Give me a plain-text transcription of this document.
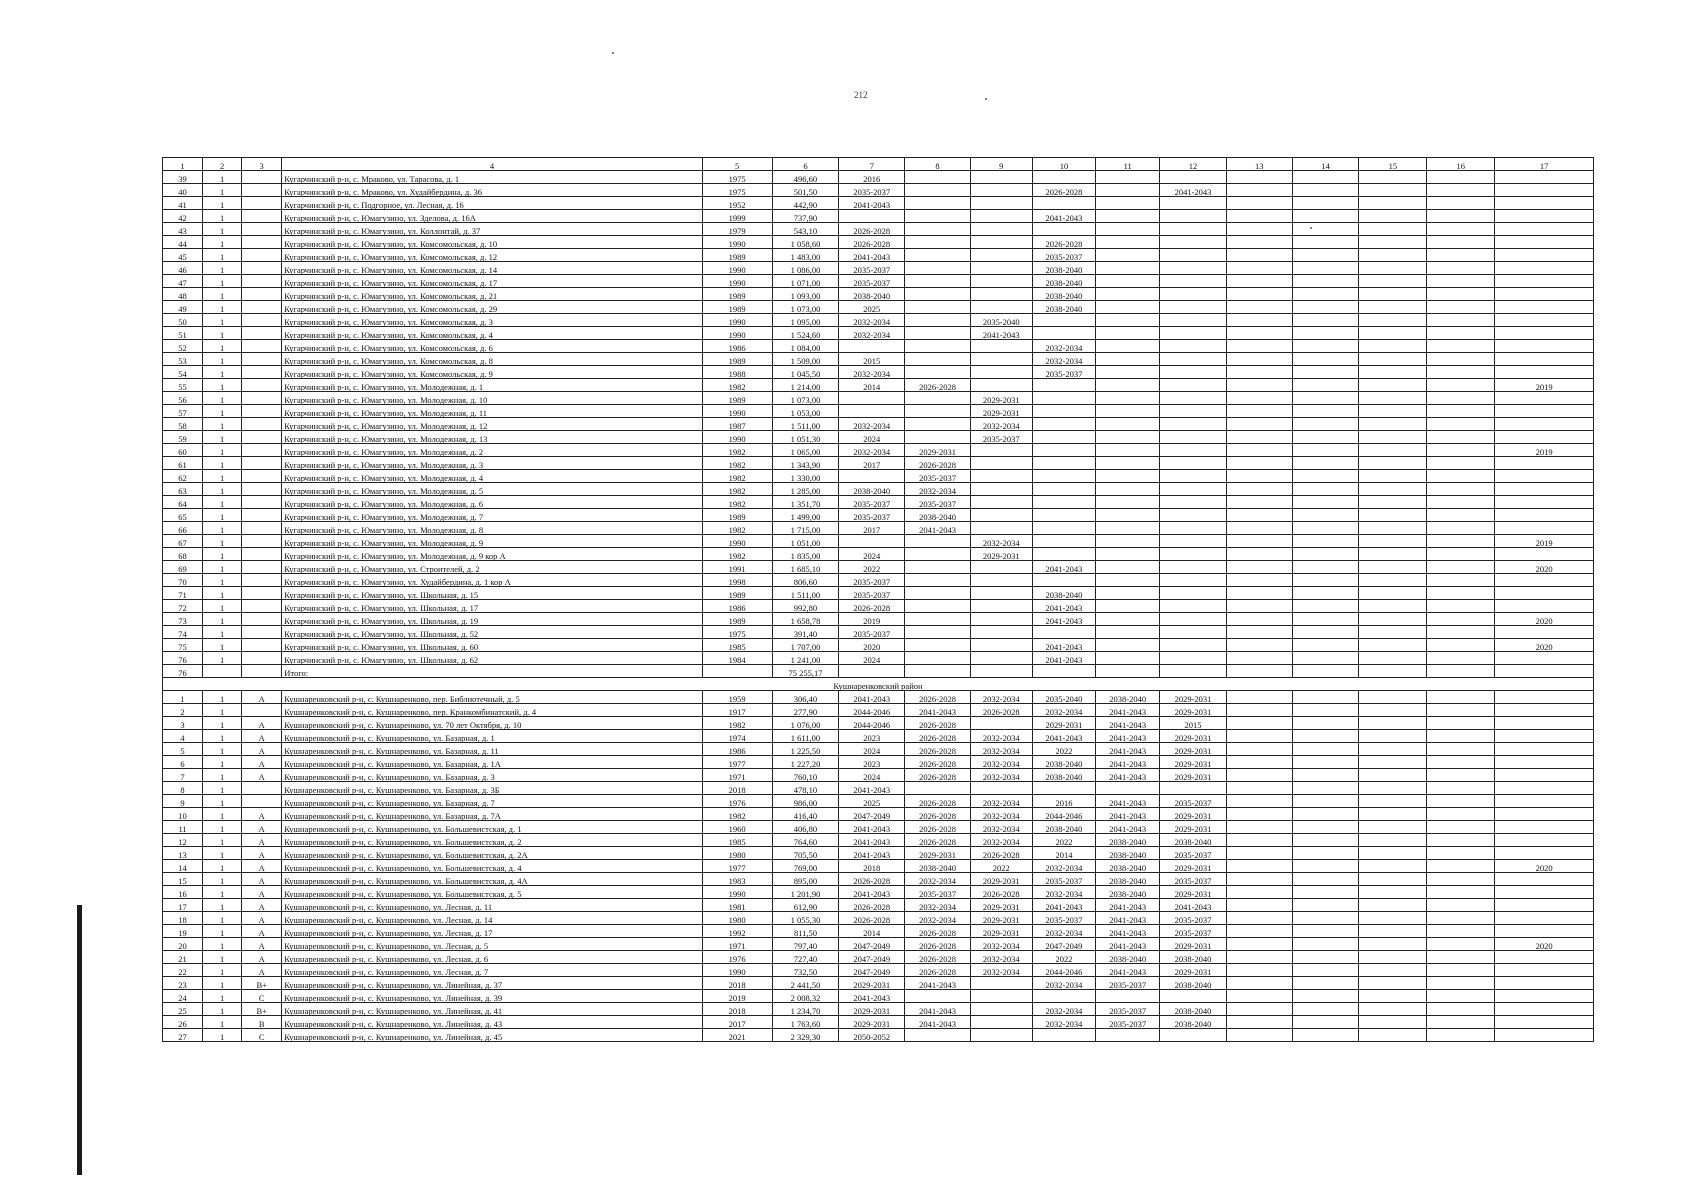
212
1	2	3	4	5	6	7	8	9	10	11	12	13	14	15	16	17
39	1		Кугарчинский р-н, с. Мраково, ул. Тарасова, д. 1	1975	496,60	2016										
40	1		Кугарчинский р-н, с. Мраково, ул. Худайбердина, д. 36	1975	501,50	2035-2037			2026-2028		2041-2043					
41	1		Кугарчинский р-н, с. Подгорное, ул. Лесная, д. 16	1952	442,90	2041-2043										
42	1		Кугарчинский р-н, с. Юмагузино, ул. Зделова, д. 16А	1999	737,90				2041-2043							
43	1		Кугарчинский р-н, с. Юмагузино, ул. Коллонтай, д. 37	1979	543,10	2026-2028										
44	1		Кугарчинский р-н, с. Юмагузино, ул. Комсомольская, д. 10	1990	1 058,60	2026-2028			2026-2028							
45	1		Кугарчинский р-н, с. Юмагузино, ул. Комсомольская, д. 12	1989	1 483,00	2041-2043			2035-2037							
46	1		Кугарчинский р-н, с. Юмагузино, ул. Комсомольская, д. 14	1990	1 086,00	2035-2037			2038-2040							
47	1		Кугарчинский р-н, с. Юмагузино, ул. Комсомольская, д. 17	1990	1 071,00	2035-2037			2038-2040							
48	1		Кугарчинский р-н, с. Юмагузино, ул. Комсомольская, д. 21	1989	1 093,00	2038-2040			2038-2040							
49	1		Кугарчинский р-н, с. Юмагузино, ул. Комсомольская, д. 29	1989	1 073,00	2025			2038-2040							
50	1		Кугарчинский р-н, с. Юмагузино, ул. Комсомольская, д. 3	1990	1 095,00	2032-2034		2035-2040								
51	1		Кугарчинский р-н, с. Юмагузино, ул. Комсомольская, д. 4	1990	1 524,60	2032-2034		2041-2043								
52	1		Кугарчинский р-н, с. Юмагузино, ул. Комсомольская, д. 6	1986	1 084,00				2032-2034							
53	1		Кугарчинский р-н, с. Юмагузино, ул. Комсомольская, д. 8	1989	1 509,00	2015			2032-2034							
54	1		Кугарчинский р-н, с. Юмагузино, ул. Комсомольская, д. 9	1988	1 045,50	2032-2034			2035-2037							
55	1		Кугарчинский р-н, с. Юмагузино, ул. Молодежная, д. 1	1982	1 214,00	2014	2026-2028									2019
56	1		Кугарчинский р-н, с. Юмагузино, ул. Молодежная, д. 10	1989	1 073,00			2029-2031								
57	1		Кугарчинский р-н, с. Юмагузино, ул. Молодежная, д. 11	1990	1 053,00			2029-2031								
58	1		Кугарчинский р-н, с. Юмагузино, ул. Молодежная, д. 12	1987	1 511,00	2032-2034		2032-2034								
59	1		Кугарчинский р-н, с. Юмагузино, ул. Молодежная, д. 13	1990	1 051,30	2024		2035-2037								
60	1		Кугарчинский р-н, с. Юмагузино, ул. Молодежная, д. 2	1982	1 065,00	2032-2034	2029-2031									2019
61	1		Кугарчинский р-н, с. Юмагузино, ул. Молодежная, д. 3	1982	1 343,90	2017	2026-2028									
62	1		Кугарчинский р-н, с. Юмагузино, ул. Молодежная, д. 4	1982	1 330,00		2035-2037									
63	1		Кугарчинский р-н, с. Юмагузино, ул. Молодежная, д. 5	1982	1 285,00	2038-2040	2032-2034									
64	1		Кугарчинский р-н, с. Юмагузино, ул. Молодежная, д. 6	1982	1 351,70	2035-2037	2035-2037									
65	1		Кугарчинский р-н, с. Юмагузино, ул. Молодежная, д. 7	1989	1 499,00	2035-2037	2038-2040									
66	1		Кугарчинский р-н, с. Юмагузино, ул. Молодежная, д. 8	1982	1 715,00	2017	2041-2043									
67	1		Кугарчинский р-н, с. Юмагузино, ул. Молодежная, д. 9	1990	1 051,00			2032-2034								2019
68	1		Кугарчинский р-н, с. Юмагузино, ул. Молодежная, д. 9 кор А	1982	1 835,00	2024		2029-2031								
69	1		Кугарчинский р-н, с. Юмагузино, ул. Строителей, д. 2	1991	1 685,10	2022			2041-2043							2020
70	1		Кугарчинский р-н, с. Юмагузино, ул. Худайбердина, д. 1 кор А	1998	806,60	2035-2037										
71	1		Кугарчинский р-н, с. Юмагузино, ул. Школьная, д. 15	1989	1 511,00	2035-2037			2038-2040							
72	1		Кугарчинский р-н, с. Юмагузино, ул. Школьная, д. 17	1986	992,80	2026-2028			2041-2043							
73	1		Кугарчинский р-н, с. Юмагузино, ул. Школьная, д. 19	1989	1 658,78	2019			2041-2043							2020
74	1		Кугарчинский р-н, с. Юмагузино, ул. Школьная, д. 52	1975	391,40	2035-2037										
75	1		Кугарчинский р-н, с. Юмагузино, ул. Школьная, д. 60	1985	1 707,00	2020			2041-2043							2020
76	1		Кугарчинский р-н, с. Юмагузино, ул. Школьная, д. 62	1984	1 241,00	2024			2041-2043							
76			Итого:		75 255,17											
Кушнаренковский район																
1	1	А	Кушнаренковский р-н, с. Кушнаренково, пер. Библиотечный, д. 5	1959	306,40	2041-2043	2026-2028	2032-2034	2035-2040	2038-2040	2029-2031					
2	1		Кушнаренковский р-н, с. Кушнаренково, пер. Кранкомбинатский, д. 4	1917	277,90	2044-2046	2041-2043	2026-2028	2032-2034	2041-2043	2029-2031					
3	1	А	Кушнаренковский р-н, с. Кушнаренково, ул. 70 лет Октября, д. 10	1982	1 076,00	2044-2046	2026-2028		2029-2031	2041-2043	2015					
4	1	А	Кушнаренковский р-н, с. Кушнаренково, ул. Базарная, д. 1	1974	1 611,00	2023	2026-2028	2032-2034	2041-2043	2041-2043	2029-2031					
5	1	А	Кушнаренковский р-н, с. Кушнаренково, ул. Базарная, д. 11	1986	1 225,50	2024	2026-2028	2032-2034	2022	2041-2043	2029-2031					
6	1	А	Кушнаренковский р-н, с. Кушнаренково, ул. Базарная, д. 1А	1977	1 227,20	2023	2026-2028	2032-2034	2038-2040	2041-2043	2029-2031					
7	1	А	Кушнаренковский р-н, с. Кушнаренково, ул. Базарная, д. 3	1971	760,10	2024	2026-2028	2032-2034	2038-2040	2041-2043	2029-2031					
8	1		Кушнаренковский р-н, с. Кушнаренково, ул. Базарная, д. 3Б	2018	478,10	2041-2043										
9	1		Кушнаренковский р-н, с. Кушнаренково, ул. Базарная, д. 7	1976	986,00	2025	2026-2028	2032-2034	2016	2041-2043	2035-2037					
10	1	А	Кушнаренковский р-н, с. Кушнаренково, ул. Базарная, д. 7А	1982	416,40	2047-2049	2026-2028	2032-2034	2044-2046	2041-2043	2029-2031					
11	1	А	Кушнаренковский р-н, с. Кушнаренково, ул. Большевистская, д. 1	1960	406,80	2041-2043	2026-2028	2032-2034	2038-2040	2041-2043	2029-2031					
12	1	А	Кушнаренковский р-н, с. Кушнаренково, ул. Большевистская, д. 2	1985	764,60	2041-2043	2026-2028	2032-2034	2022	2038-2040	2038-2040					
13	1	А	Кушнаренковский р-н, с. Кушнаренково, ул. Большевистская, д. 2А	1980	705,50	2041-2043	2029-2031	2026-2028	2014	2038-2040	2035-2037					
14	1	А	Кушнаренковский р-н, с. Кушнаренково, ул. Большевистская, д. 4	1977	769,00	2018	2038-2040	2022	2032-2034	2038-2040	2029-2031					2020
15	1	А	Кушнаренковский р-н, с. Кушнаренково, ул. Большевистская, д. 4А	1983	895,00	2026-2028	2032-2034	2029-2031	2035-2037	2038-2040	2035-2037					
16	1	А	Кушнаренковский р-н, с. Кушнаренково, ул. Большевистская, д. 5	1990	1 201,90	2041-2043	2035-2037	2026-2028	2032-2034	2038-2040	2029-2031					
17	1	А	Кушнаренковский р-н, с. Кушнаренково, ул. Лесная, д. 11	1981	612,90	2026-2028	2032-2034	2029-2031	2041-2043	2041-2043	2041-2043					
18	1	А	Кушнаренковский р-н, с. Кушнаренково, ул. Лесная, д. 14	1980	1 055,30	2026-2028	2032-2034	2029-2031	2035-2037	2041-2043	2035-2037					
19	1	А	Кушнаренковский р-н, с. Кушнаренково, ул. Лесная, д. 17	1992	811,50	2014	2026-2028	2029-2031	2032-2034	2041-2043	2035-2037					
20	1	А	Кушнаренковский р-н, с. Кушнаренково, ул. Лесная, д. 5	1971	797,40	2047-2049	2026-2028	2032-2034	2047-2049	2041-2043	2029-2031					2020
21	1	А	Кушнаренковский р-н, с. Кушнаренково, ул. Лесная, д. 6	1976	727,40	2047-2049	2026-2028	2032-2034	2022	2038-2040	2038-2040					
22	1	А	Кушнаренковский р-н, с. Кушнаренково, ул. Лесная, д. 7	1990	732,50	2047-2049	2026-2028	2032-2034	2044-2046	2041-2043	2029-2031					
23	1	В+	Кушнаренковский р-н, с. Кушнаренково, ул. Линейная, д. 37	2018	2 441,50	2029-2031	2041-2043		2032-2034	2035-2037	2038-2040					
24	1	С	Кушнаренковский р-н, с. Кушнаренково, ул. Линейная, д. 39	2019	2 008,32	2041-2043										
25	1	В+	Кушнаренковский р-н, с. Кушнаренково, ул. Линейная, д. 41	2018	1 234,70	2029-2031	2041-2043		2032-2034	2035-2037	2038-2040					
26	1	В	Кушнаренковский р-н, с. Кушнаренково, ул. Линейная, д. 43	2017	1 763,60	2029-2031	2041-2043		2032-2034	2035-2037	2038-2040					
27	1	С	Кушнаренковский р-н, с. Кушнаренково, ул. Линейная, д. 45	2021	2 329,30	2050-2052										
